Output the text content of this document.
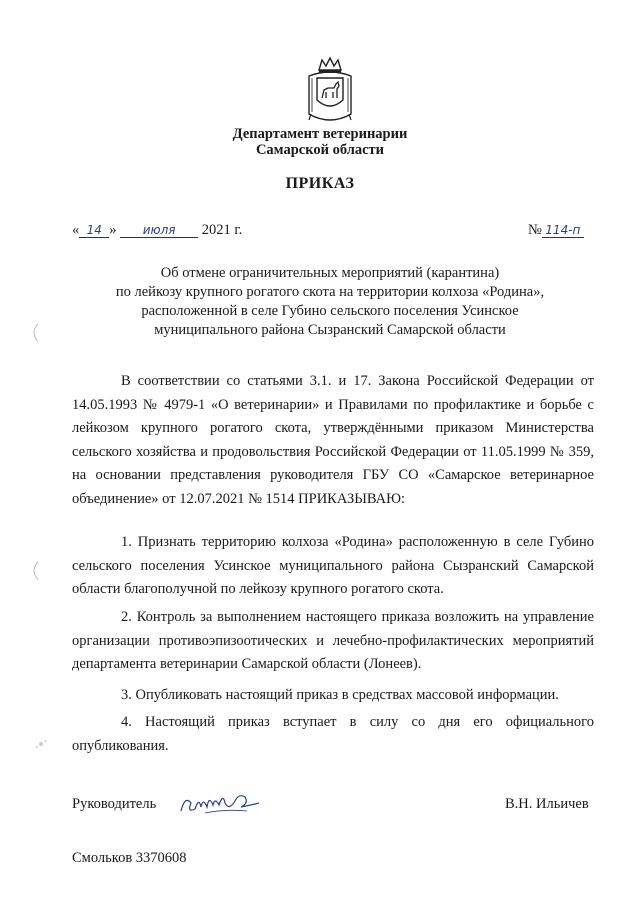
Департамент ветеринарии
Самарской области
ПРИКАЗ
« 14 » июля 2021 г.	№ 114-п
Об отмене ограничительных мероприятий (карантина)
по лейкозу крупного рогатого скота на территории колхоза «Родина»,
расположенной в селе Губино сельского поселения Усинское
муниципального района Сызранский Самарской области
В соответствии со статьями 3.1. и 17. Закона Российской Федерации от 14.05.1993 № 4979-1 «О ветеринарии» и Правилами по профилактике и борьбе с лейкозом крупного рогатого скота, утверждёнными приказом Министерства сельского хозяйства и продовольствия Российской Федерации от 11.05.1999 № 359, на основании представления руководителя ГБУ СО «Самарское ветеринарное объединение» от 12.07.2021 № 1514 ПРИКАЗЫВАЮ:
1. Признать территорию колхоза «Родина» расположенную в селе Губино сельского поселения Усинское муниципального района Сызранский Самарской области благополучной по лейкозу крупного рогатого скота.
2. Контроль за выполнением настоящего приказа возложить на управление организации противоэпизоотических и лечебно-профилактических мероприятий департамента ветеринарии Самарской области (Лонеев).
3. Опубликовать настоящий приказ в средствах массовой информации.
4. Настоящий приказ вступает в силу со дня его официального опубликования.
Руководитель	В.Н. Ильичев
Смольков 3370608
